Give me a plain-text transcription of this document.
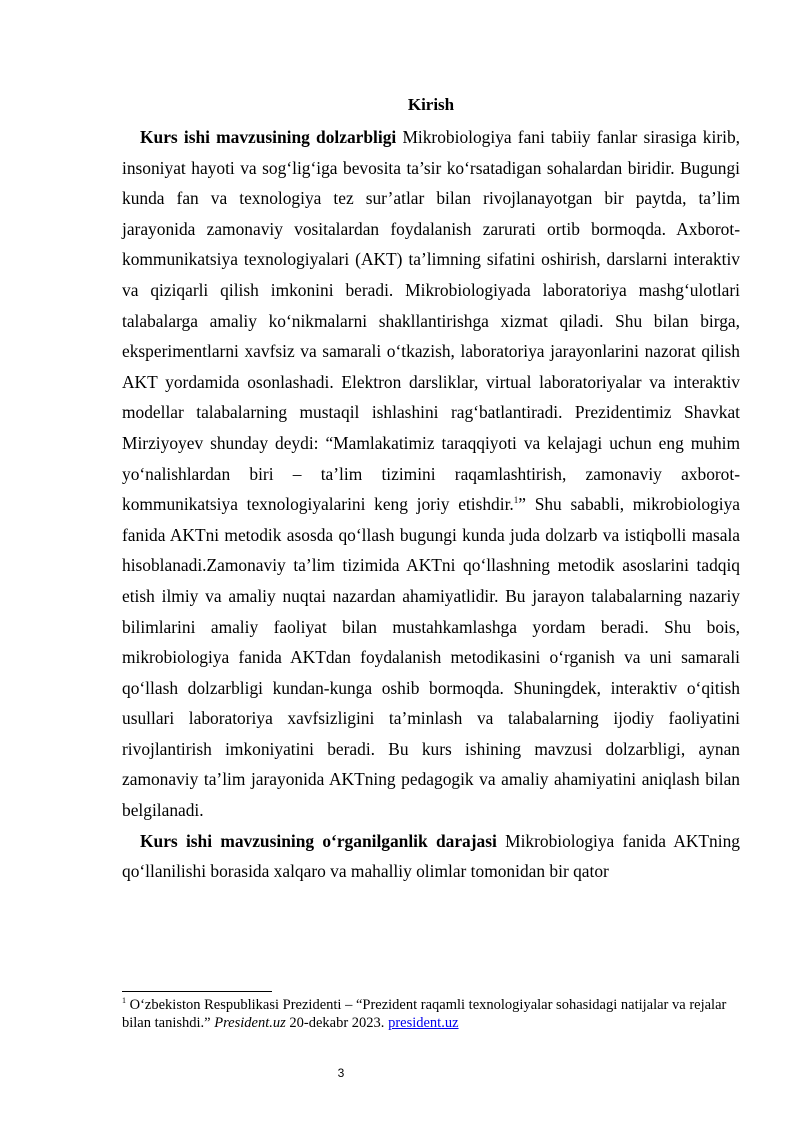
Kirish

Kurs ishi mavzusining dolzarbligi Mikrobiologiya fani tabiiy fanlar sirasiga kirib, insoniyat hayoti va sog‘lig‘iga bevosita ta’sir ko‘rsatadigan sohalardan biridir. Bugungi kunda fan va texnologiya tez sur’atlar bilan rivojlanayotgan bir paytda, ta’lim jarayonida zamonaviy vositalardan foydalanish zarurati ortib bormoqda. Axborot-kommunikatsiya texnologiyalari (AKT) ta’limning sifatini oshirish, darslarni interaktiv va qiziqarli qilish imkonini beradi. Mikrobiologiyada laboratoriya mashg‘ulotlari talabalarga amaliy ko‘nikmalarni shakllantirishga xizmat qiladi. Shu bilan birga, eksperimentlarni xavfsiz va samarali o‘tkazish, laboratoriya jarayonlarini nazorat qilish AKT yordamida osonlashadi. Elektron darsliklar, virtual laboratoriyalar va interaktiv modellar talabalarning mustaqil ishlashini rag‘batlantiradi. Prezidentimiz Shavkat Mirziyoyev shunday deydi: “Mamlakatimiz taraqqiyoti va kelajagi uchun eng muhim yo‘nalishlardan biri – ta’lim tizimini raqamlashtirish, zamonaviy axborot-kommunikatsiya texnologiyalarini keng joriy etishdir.$^1$” Shu sababli, mikrobiologiya fanida AKTni metodik asosda qo‘llash bugungi kunda juda dolzarb va istiqbolli masala hisoblanadi.Zamonaviy ta’lim tizimida AKTni qo‘llashning metodik asoslarini tadqiq etish ilmiy va amaliy nuqtai nazardan ahamiyatlidir. Bu jarayon talabalarning nazariy bilimlarini amaliy faoliyat bilan mustahkamlashga yordam beradi. Shu bois, mikrobiologiya fanida AKTdan foydalanish metodikasini o‘rganish va uni samarali qo‘llash dolzarbligi kundan-kunga oshib bormoqda. Shuningdek, interaktiv o‘qitish usullari laboratoriya xavfsizligini ta’minlash va talabalarning ijodiy faoliyatini rivojlantirish imkoniyatini beradi. Bu kurs ishining mavzusi dolzarbligi, aynan zamonaviy ta’lim jarayonida AKTning pedagogik va amaliy ahamiyatini aniqlash bilan belgilanadi.

Kurs ishi mavzusining o‘rganilganlik darajasi Mikrobiologiya fanida AKTning qo‘llanilishi borasida xalqaro va mahalliy olimlar tomonidan bir qator

$^1$ O‘zbekiston Respublikasi Prezidenti – “Prezident raqamli texnologiyalar sohasidagi natijalar va rejalar bilan tanishdi.” President.uz 20-dekabr 2023. president.uz

3
